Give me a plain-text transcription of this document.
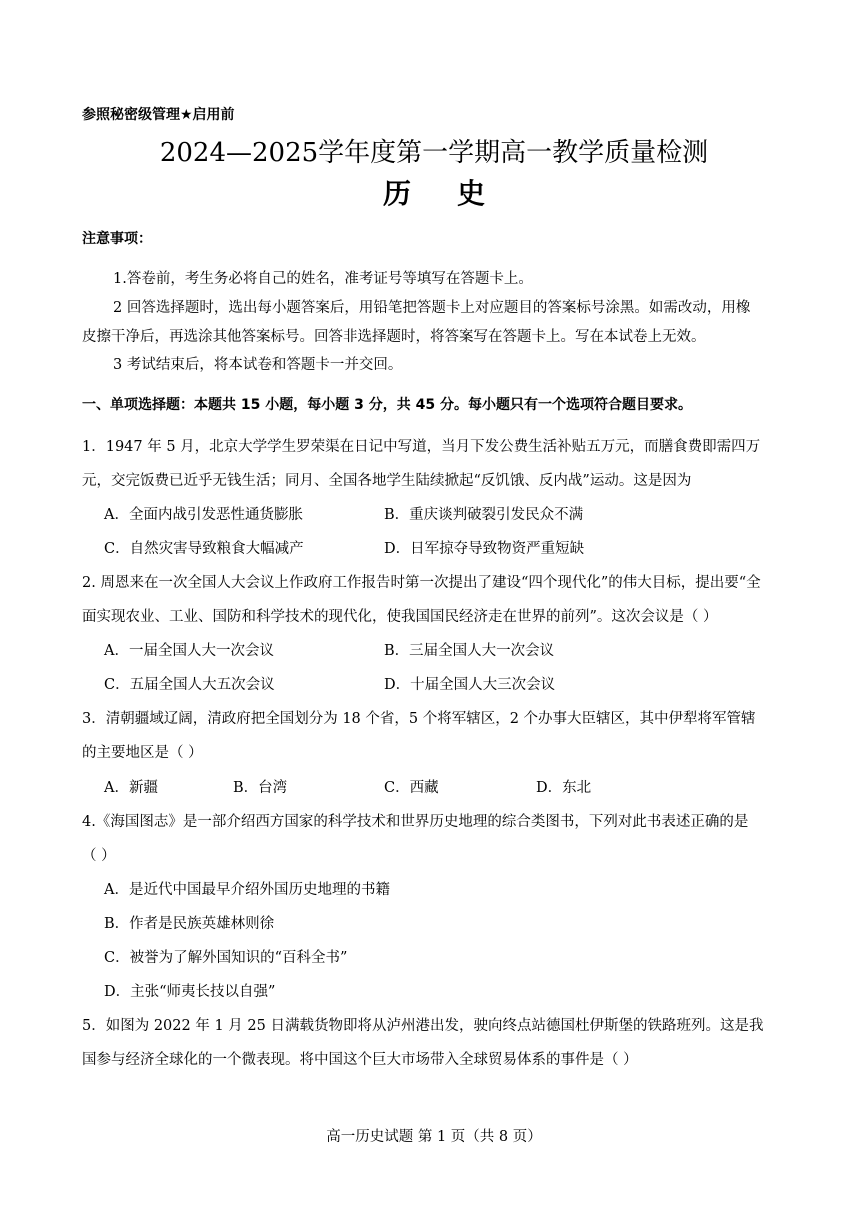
参照秘密级管理★启用前
2024—2025学年度第一学期高一教学质量检测
历史
注意事项：
1.答卷前，考生务必将自己的姓名，准考证号等填写在答题卡上。
2 回答选择题时，选出每小题答案后，用铅笔把答题卡上对应题目的答案标号涂黑。如需改动，用橡
皮擦干净后，再选涂其他答案标号。回答非选择题时，将答案写在答题卡上。写在本试卷上无效。
3 考试结束后，将本试卷和答题卡一并交回。
一、单项选择题：本题共 15 小题，每小题 3 分，共 45 分。每小题只有一个选项符合题目要求。
1．1947 年 5 月，北京大学学生罗荣渠在日记中写道，当月下发公费生活补贴五万元，而膳食费即需四万
元，交完饭费已近乎无钱生活；同月、全国各地学生陆续掀起“反饥饿、反内战”运动。这是因为
A．全面内战引发恶性通货膨胀	B．重庆谈判破裂引发民众不满
C．自然灾害导致粮食大幅减产	D．日军掠夺导致物资严重短缺
2. 周恩来在一次全国人大会议上作政府工作报告时第一次提出了建设“四个现代化”的伟大目标，提出要“全
面实现农业、工业、国防和科学技术的现代化，使我国国民经济走在世界的前列”。这次会议是（ ）
A．一届全国人大一次会议	B．三届全国人大一次会议
C．五届全国人大五次会议	D．十届全国人大三次会议
3．清朝疆域辽阔，清政府把全国划分为 18 个省，5 个将军辖区，2 个办事大臣辖区，其中伊犁将军管辖
的主要地区是（ ）
A．新疆	B．台湾	C．西藏	D．东北
4.《海国图志》是一部介绍西方国家的科学技术和世界历史地理的综合类图书，下列对此书表述正确的是
（ ）
A．是近代中国最早介绍外国历史地理的书籍
B．作者是民族英雄林则徐
C．被誉为了解外国知识的“百科全书”
D．主张“师夷长技以自强”
5．如图为 2022 年 1 月 25 日满载货物即将从泸州港出发，驶向终点站德国杜伊斯堡的铁路班列。这是我
国参与经济全球化的一个微表现。将中国这个巨大市场带入全球贸易体系的事件是（ ）
高一历史试题 第 1 页（共 8 页）
